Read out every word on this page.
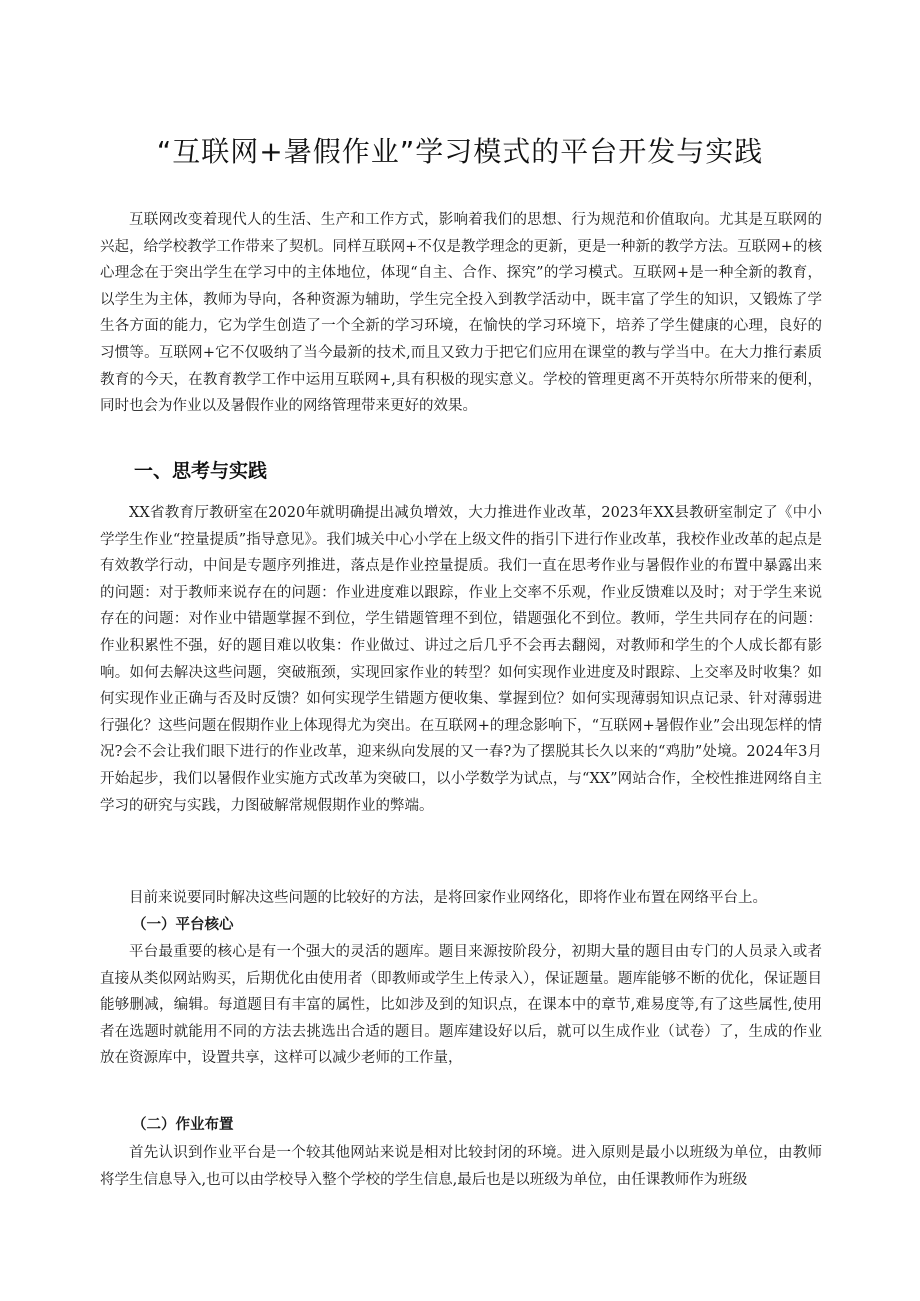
“互联网+暑假作业”学习模式的平台开发与实践

互联网改变着现代人的生活、生产和工作方式，影响着我们的思想、行为规范和价值取向。尤其是互联网的兴起，给学校教学工作带来了契机。同样互联网+不仅是教学理念的更新，更是一种新的教学方法。互联网+的核心理念在于突出学生在学习中的主体地位，体现“自主、合作、探究”的学习模式。互联网+是一种全新的教育，以学生为主体，教师为导向，各种资源为辅助，学生完全投入到教学活动中，既丰富了学生的知识，又锻炼了学生各方面的能力，它为学生创造了一个全新的学习环境，在愉快的学习环境下，培养了学生健康的心理，良好的习惯等。互联网+它不仅吸纳了当今最新的技术,而且又致力于把它们应用在课堂的教与学当中。在大力推行素质教育的今天，在教育教学工作中运用互联网+,具有积极的现实意义。学校的管理更离不开英特尔所带来的便利，同时也会为作业以及暑假作业的网络管理带来更好的效果。

一、思考与实践

XX省教育厅教研室在2020年就明确提出减负增效，大力推进作业改革，2023年XX县教研室制定了《中小学学生作业“控量提质”指导意见》。我们城关中心小学在上级文件的指引下进行作业改革，我校作业改革的起点是有效教学行动，中间是专题序列推进，落点是作业控量提质。我们一直在思考作业与暑假作业的布置中暴露出来的问题：对于教师来说存在的问题：作业进度难以跟踪，作业上交率不乐观，作业反馈难以及时；对于学生来说存在的问题：对作业中错题掌握不到位，学生错题管理不到位，错题强化不到位。教师，学生共同存在的问题：作业积累性不强，好的题目难以收集：作业做过、讲过之后几乎不会再去翻阅，对教师和学生的个人成长都有影响。如何去解决这些问题，突破瓶颈，实现回家作业的转型？如何实现作业进度及时跟踪、上交率及时收集？如何实现作业正确与否及时反馈？如何实现学生错题方便收集、掌握到位？如何实现薄弱知识点记录、针对薄弱进行强化？这些问题在假期作业上体现得尤为突出。在互联网+的理念影响下，“互联网+暑假作业”会出现怎样的情况?会不会让我们眼下进行的作业改革，迎来纵向发展的又一春?为了摆脱其长久以来的“鸡肋”处境。2024年3月开始起步，我们以暑假作业实施方式改革为突破口，以小学数学为试点，与“XX”网站合作，全校性推进网络自主学习的研究与实践，力图破解常规假期作业的弊端。

目前来说要同时解决这些问题的比较好的方法，是将回家作业网络化，即将作业布置在网络平台上。

（一）平台核心

平台最重要的核心是有一个强大的灵活的题库。题目来源按阶段分，初期大量的题目由专门的人员录入或者直接从类似网站购买，后期优化由使用者（即教师或学生上传录入），保证题量。题库能够不断的优化，保证题目能够删减，编辑。每道题目有丰富的属性，比如涉及到的知识点，在课本中的章节,难易度等,有了这些属性,使用者在选题时就能用不同的方法去挑选出合适的题目。题库建设好以后，就可以生成作业（试卷）了，生成的作业放在资源库中，设置共享，这样可以减少老师的工作量，

（二）作业布置

首先认识到作业平台是一个较其他网站来说是相对比较封闭的环境。进入原则是最小以班级为单位，由教师将学生信息导入,也可以由学校导入整个学校的学生信息,最后也是以班级为单位，由任课教师作为班级
